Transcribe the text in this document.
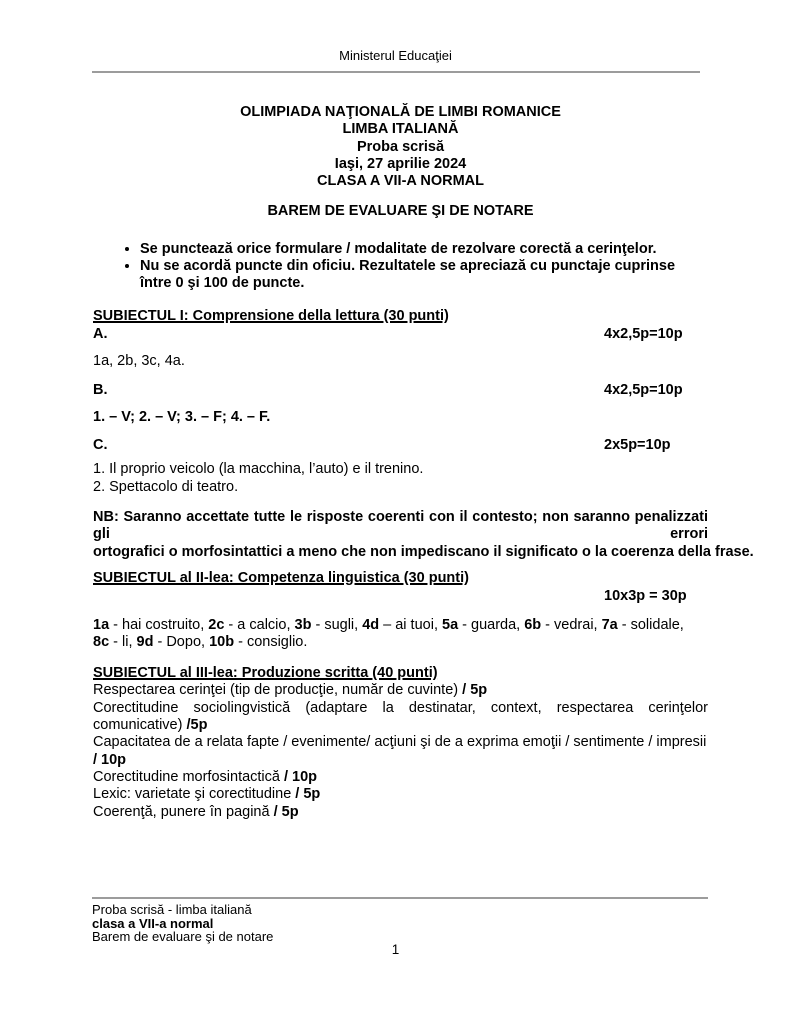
Ministerul Educaţiei
OLIMPIADA NAŢIONALĂ DE LIMBI ROMANICE
LIMBA ITALIANĂ
Proba scrisă
Iaşi, 27 aprilie 2024
CLASA A VII-A NORMAL
BAREM DE EVALUARE ŞI DE NOTARE
• Se punctează orice formulare / modalitate de rezolvare corectă a cerinţelor.
• Nu se acordă puncte din oficiu. Rezultatele se apreciază cu punctaje cuprinse între 0 şi 100 de puncte.
SUBIECTUL I: Comprensione della lettura (30 punti)
A.	4x2,5p=10p
1a, 2b, 3c, 4a.
B.	4x2,5p=10p
1. – V; 2. – V; 3. – F; 4. – F.
C.	2x5p=10p
1. Il proprio veicolo (la macchina, l’auto) e il trenino.
2. Spettacolo di teatro.
NB: Saranno accettate tutte le risposte coerenti con il contesto; non saranno penalizzati gli errori
ortografici o morfosintattici a meno che non impediscano il significato o la coerenza della frase.
SUBIECTUL al II-lea: Competenza linguistica (30 punti)
10x3p = 30p
1a - hai costruito, 2c - a calcio, 3b - sugli, 4d – ai tuoi, 5a - guarda, 6b - vedrai, 7a - solidale,
8c - li, 9d - Dopo, 10b - consiglio.
SUBIECTUL al III-lea: Produzione scritta (40 punti)
Respectarea cerinţei (tip de producţie, număr de cuvinte) / 5p
Corectitudine sociolingvistică (adaptare la destinatar, context, respectarea cerinţelor
comunicative) /5p
Capacitatea de a relata fapte / evenimente/ acţiuni şi de a exprima emoţii / sentimente / impresii
/ 10p
Corectitudine morfosintactică / 10p
Lexic: varietate şi corectitudine / 5p
Coerenţă, punere în pagină / 5p
Proba scrisă - limba italiană
clasa a VII-a normal
Barem de evaluare şi de notare
1
